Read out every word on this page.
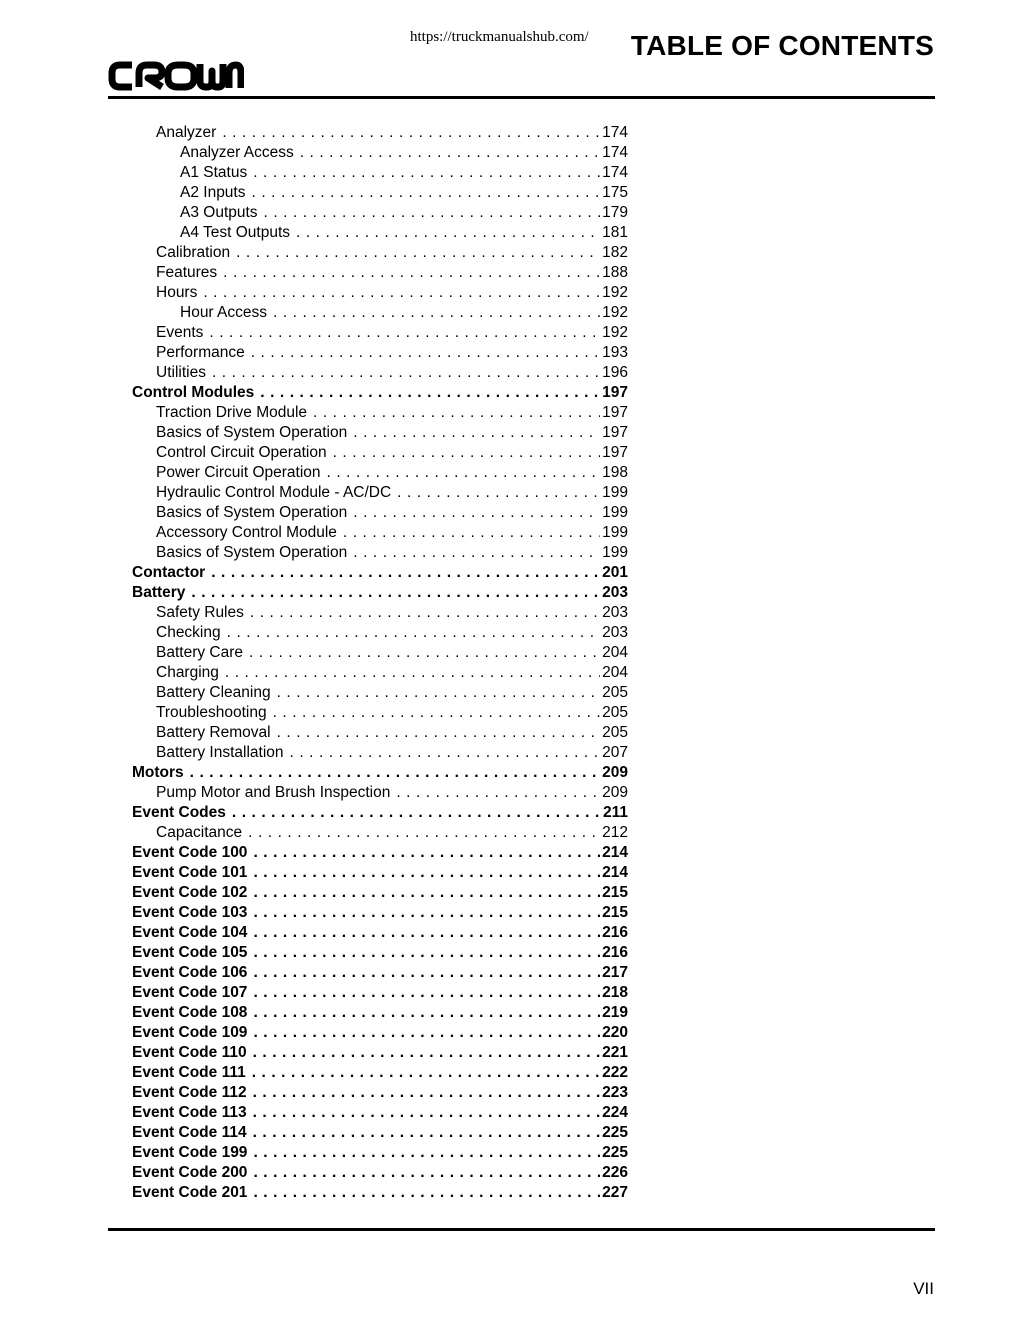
https://truckmanualshub.com/ TABLE OF CONTENTS
Analyzer . . .	174
Analyzer Access . . .	174
A1 Status . . .	174
A2 Inputs . . .	175
A3 Outputs . . .	179
A4 Test Outputs . . .	181
Calibration . . .	182
Features . . .	188
Hours . . .	192
Hour Access . . .	192
Events . . .	192
Performance . . .	193
Utilities . . .	196
Control Modules . . .	197
Traction Drive Module . . .	197
Basics of System Operation . . .	197
Control Circuit Operation . . .	197
Power Circuit Operation . . .	198
Hydraulic Control Module - AC/DC . . .	199
Basics of System Operation . . .	199
Accessory Control Module . . .	199
Basics of System Operation . . .	199
Contactor . . .	201
Battery . . .	203
Safety Rules . . .	203
Checking . . .	203
Battery Care . . .	204
Charging . . .	204
Battery Cleaning . . .	205
Troubleshooting . . .	205
Battery Removal . . .	205
Battery Installation . . .	207
Motors . . .	209
Pump Motor and Brush Inspection . . .	209
Event Codes . . .	211
Capacitance . . .	212
Event Code 100 . . .	214
Event Code 101 . . .	214
Event Code 102 . . .	215
Event Code 103 . . .	215
Event Code 104 . . .	216
Event Code 105 . . .	216
Event Code 106 . . .	217
Event Code 107 . . .	218
Event Code 108 . . .	219
Event Code 109 . . .	220
Event Code 110 . . .	221
Event Code 111 . . .	222
Event Code 112 . . .	223
Event Code 113 . . .	224
Event Code 114 . . .	225
Event Code 199 . . .	225
Event Code 200 . . .	226
Event Code 201 . . .	227
VII
